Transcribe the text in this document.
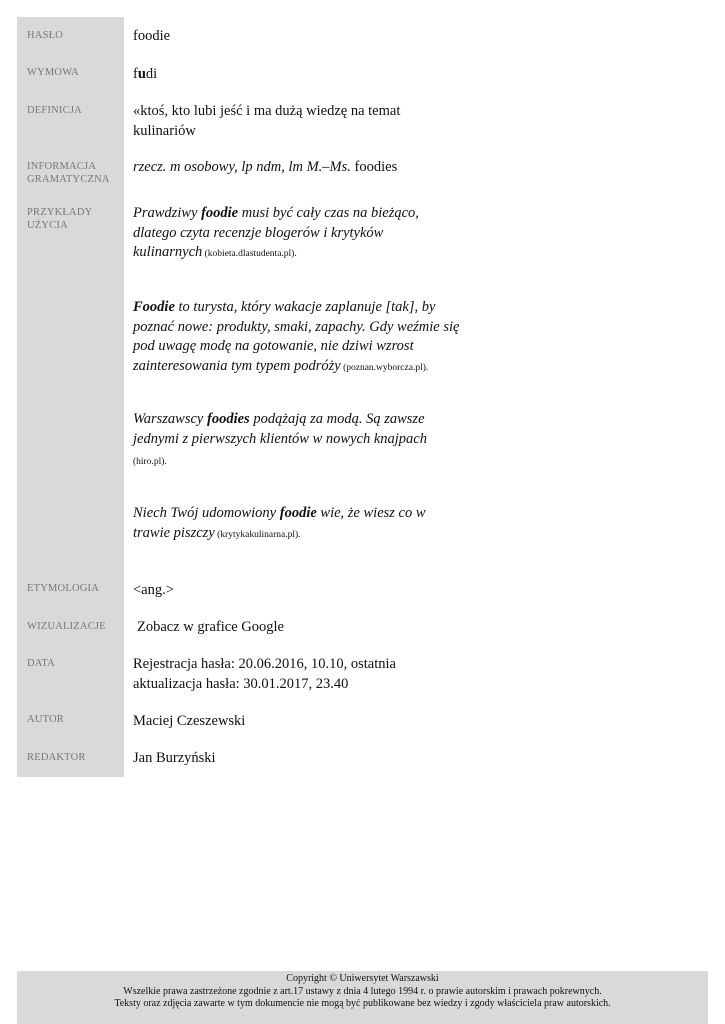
HASŁO
WYMOWA
DEFINICJA
INFORMACJA
GRAMATYCZNA
PRZYKŁADY
UŻYCIA
ETYMOLOGIA
WIZUALIZACJE
DATA
AUTOR
REDAKTOR
foodie
fudi
«ktoś, kto lubi jeść i ma dużą wiedzę na temat kulinariów
rzecz. m osobowy, lp ndm, lm M.–Ms. foodies
Prawdziwy foodie musi być cały czas na bieżąco, dlatego czyta recenzje blogerów i krytyków kulinarnych (kobieta.dlastudenta.pl).
Foodie to turysta, który wakacje zaplanuje [tak], by poznać nowe: produkty, smaki, zapachy. Gdy weźmie się pod uwagę modę na gotowanie, nie dziwi wzrost zainteresowania tym typem podróży (poznan.wyborcza.pl).
Warszawscy foodies podążają za modą. Są zawsze jednymi z pierwszych klientów w nowych knajpach (hiro.pl).
Niech Twój udomowiony foodie wie, że wiesz co w trawie piszczy (krytykakulinarna.pl).
<ang.>
Zobacz w grafice Google
Rejestracja hasła: 20.06.2016, 10.10, ostatnia aktualizacja hasła: 30.01.2017, 23.40
Maciej Czeszewski
Jan Burzyński
Copyright © Uniwersytet Warszawski
Wszelkie prawa zastrzeżone zgodnie z art.17 ustawy z dnia 4 lutego 1994 r. o prawie autorskim i prawach pokrewnych.
Teksty oraz zdjęcia zawarte w tym dokumencie nie mogą być publikowane bez wiedzy i zgody właściciela praw autorskich.
